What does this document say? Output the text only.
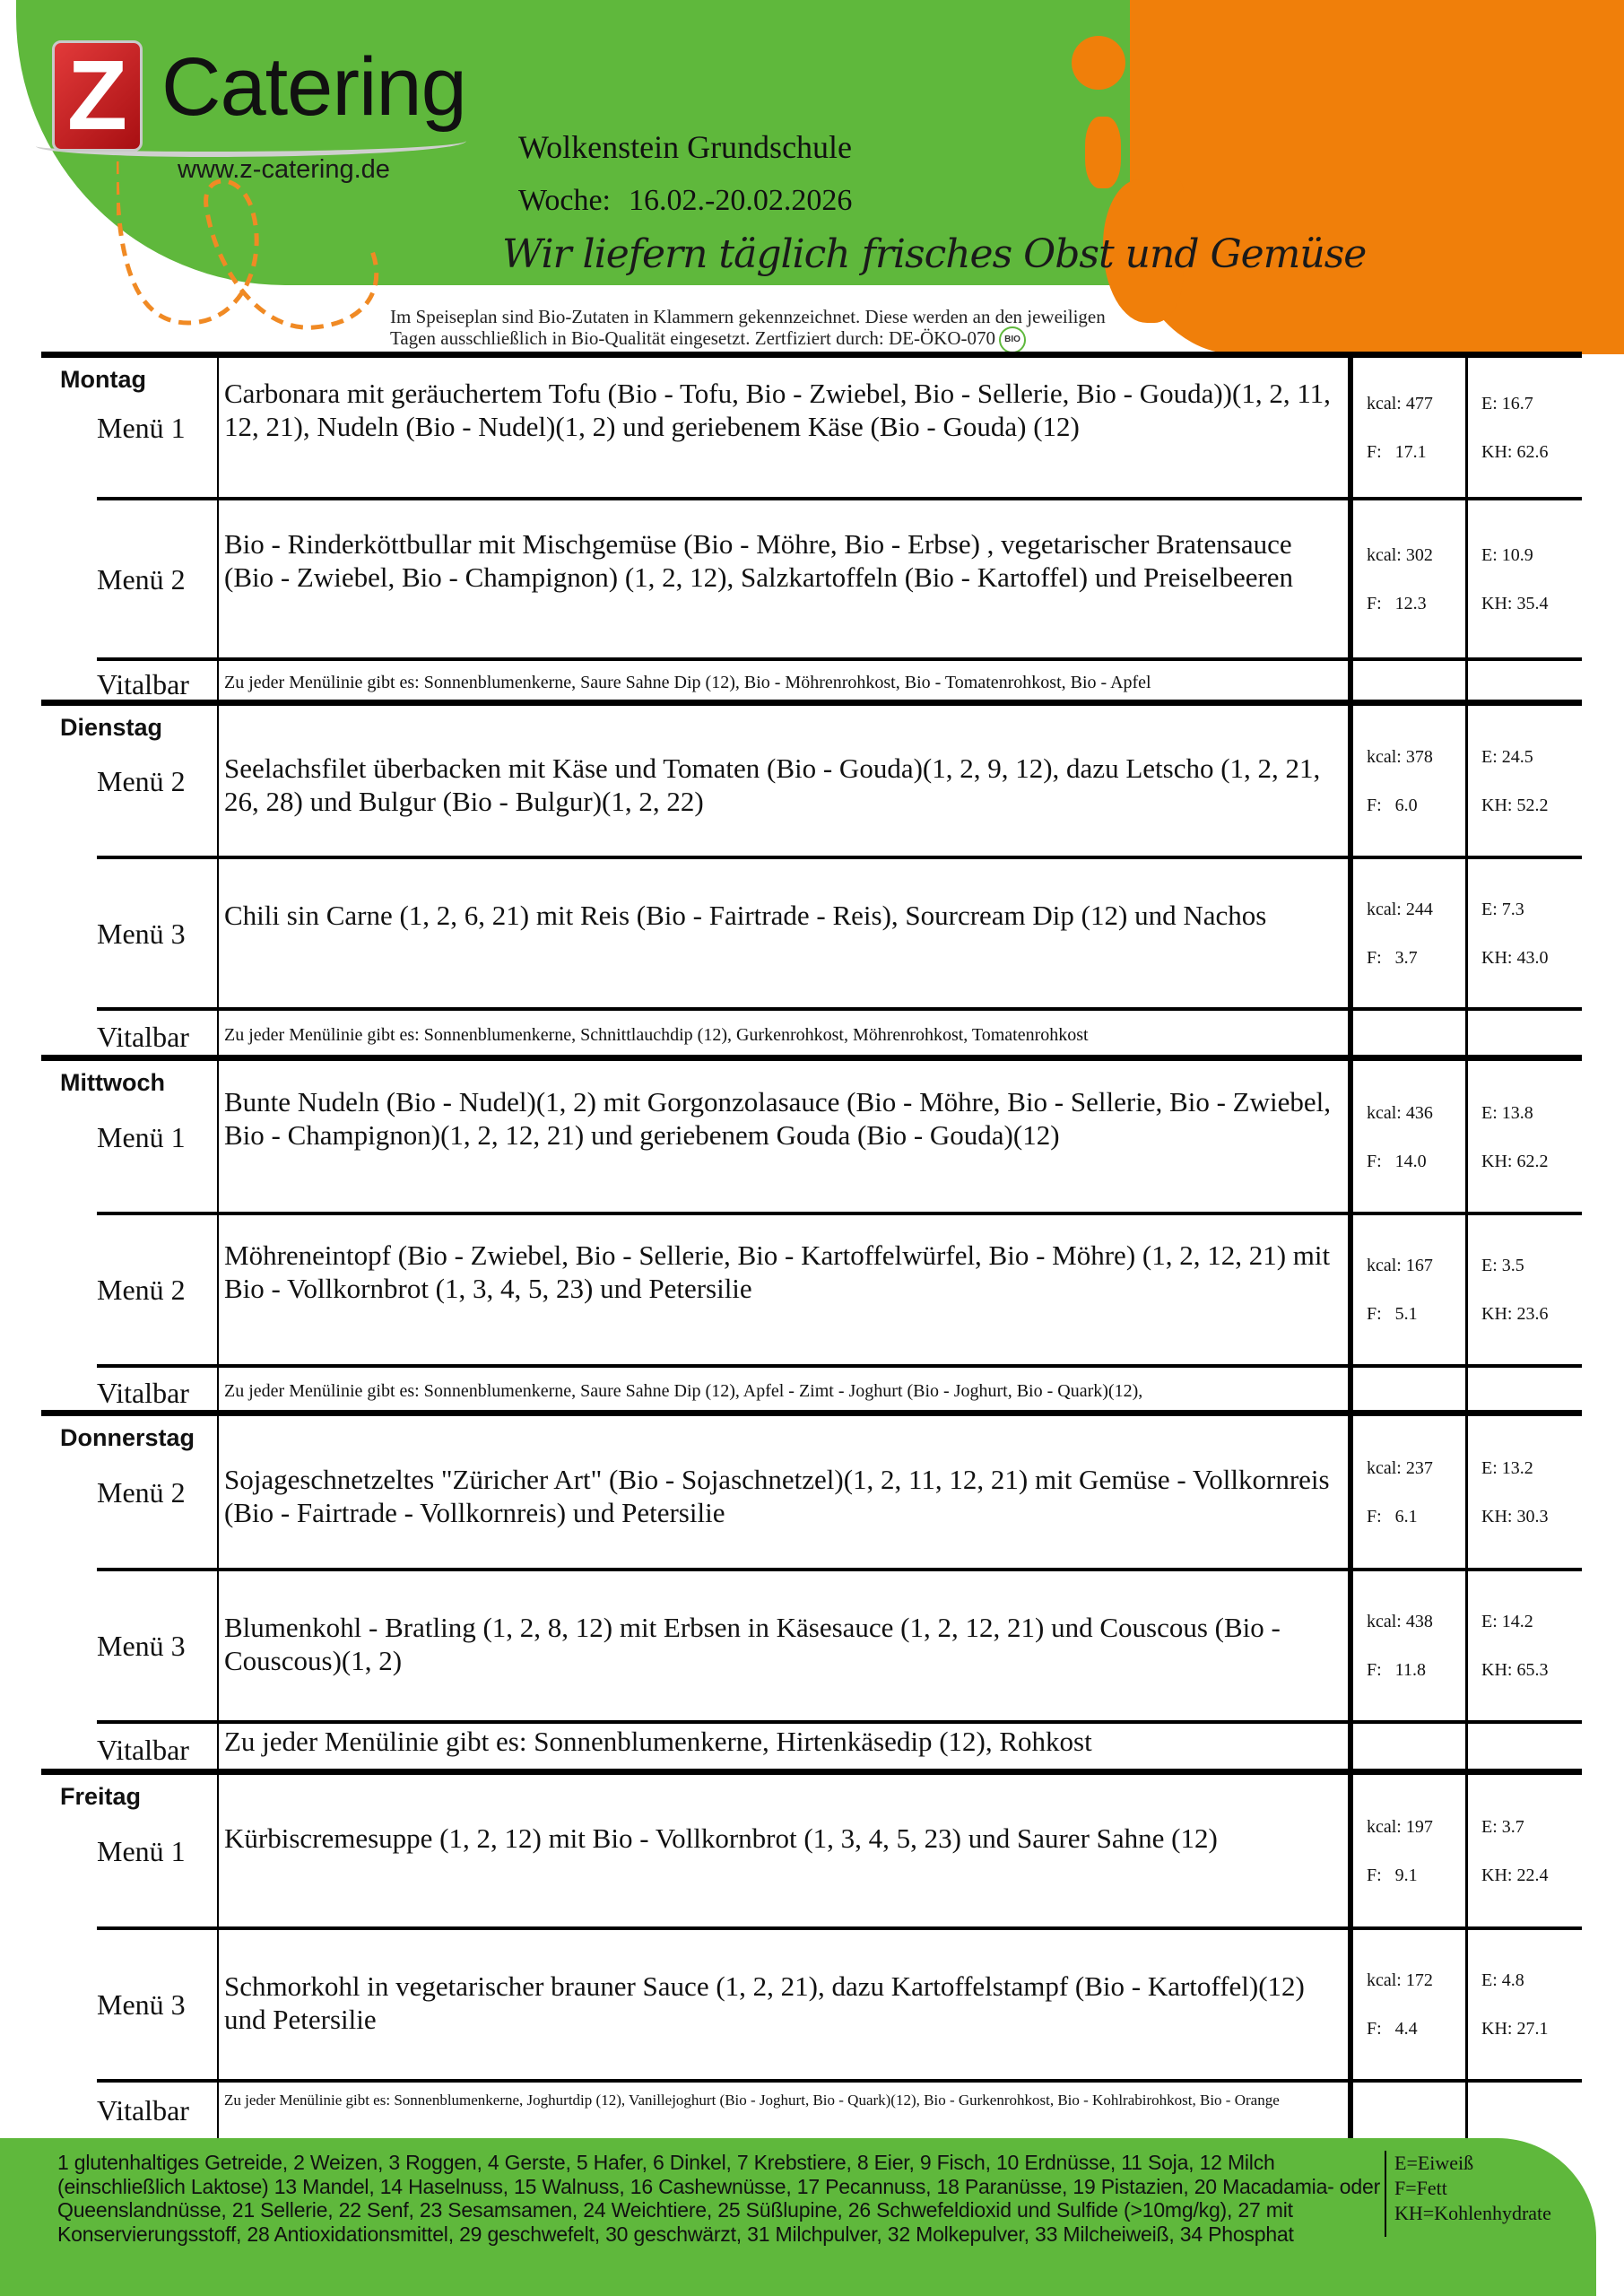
Z Catering
www.z-catering.de
Wolkenstein Grundschule
Woche: 16.02.-20.02.2026
Wir liefern täglich frisches Obst und Gemüse
Im Speiseplan sind Bio-Zutaten in Klammern gekennzeichnet. Diese werden an den jeweiligen
Tagen ausschließlich in Bio-Qualität eingesetzt. Zertfiziert durch: DE-ÖKO-070 BIO
Montag
Menü 1
Carbonara mit geräuchertem Tofu (Bio - Tofu, Bio - Zwiebel, Bio - Sellerie, Bio - Gouda))(1, 2, 11, 12, 21), Nudeln (Bio - Nudel)(1, 2) und geriebenem Käse (Bio - Gouda) (12)
kcal: 477
F:   17.1
E: 16.7
KH: 62.6
Menü 2
Bio - Rinderköttbullar mit Mischgemüse (Bio - Möhre, Bio - Erbse) , vegetarischer Bratensauce (Bio - Zwiebel, Bio - Champignon) (1, 2, 12), Salzkartoffeln (Bio - Kartoffel) und Preiselbeeren
kcal: 302
F:   12.3
E: 10.9
KH: 35.4
Vitalbar Zu jeder Menülinie gibt es: Sonnenblumenkerne, Saure Sahne Dip (12), Bio - Möhrenrohkost, Bio - Tomatenrohkost, Bio - Apfel
Dienstag
Menü 2 Seelachsfilet überbacken mit Käse und Tomaten (Bio - Gouda)(1, 2, 9, 12), dazu Letscho (1, 2, 21, 26, 28) und Bulgur (Bio - Bulgur)(1, 2, 22)
kcal: 378
F:   6.0
E: 24.5
KH: 52.2
Menü 3
Chili sin Carne (1, 2, 6, 21) mit Reis (Bio - Fairtrade - Reis), Sourcream Dip (12) und Nachos	kcal: 244
F:   3.7
E: 7.3
KH: 43.0
Vitalbar Zu jeder Menülinie gibt es: Sonnenblumenkerne, Schnittlauchdip (12), Gurkenrohkost, Möhrenrohkost, Tomatenrohkost
Mittwoch
Menü 1
Bunte Nudeln (Bio - Nudel)(1, 2) mit Gorgonzolasauce (Bio - Möhre, Bio - Sellerie, Bio - Zwiebel, Bio - Champignon)(1, 2, 12, 21) und geriebenem Gouda (Bio - Gouda)(12)
kcal: 436
F:   14.0
E: 13.8
KH: 62.2
Menü 2
Möhreneintopf (Bio - Zwiebel, Bio - Sellerie, Bio - Kartoffelwürfel, Bio - Möhre) (1, 2, 12, 21) mit Bio - Vollkornbrot (1, 3, 4, 5, 23) und Petersilie
kcal: 167
F:   5.1
E: 3.5
KH: 23.6
Vitalbar Zu jeder Menülinie gibt es: Sonnenblumenkerne, Saure Sahne Dip (12), Apfel - Zimt - Joghurt (Bio - Joghurt, Bio - Quark)(12),
Donnerstag
Menü 2 Sojageschnetzeltes "Züricher Art" (Bio - Sojaschnetzel)(1, 2, 11, 12, 21) mit Gemüse - Vollkornreis (Bio - Fairtrade - Vollkornreis) und Petersilie
kcal: 237
F:   6.1
E: 13.2
KH: 30.3
Menü 3
Blumenkohl - Bratling (1, 2, 8, 12) mit Erbsen in Käsesauce (1, 2, 12, 21) und Couscous (Bio - Couscous)(1, 2)
kcal: 438
F:   11.8
E: 14.2
KH: 65.3
Vitalbar Zu jeder Menülinie gibt es: Sonnenblumenkerne, Hirtenkäsedip (12), Rohkost
Freitag
Menü 1 Kürbiscremesuppe (1, 2, 12) mit Bio - Vollkornbrot (1, 3, 4, 5, 23) und Saurer Sahne (12)	kcal: 197
F:   9.1
E: 3.7
KH: 22.4
Menü 3
Schmorkohl in vegetarischer brauner Sauce (1, 2, 21), dazu Kartoffelstampf (Bio - Kartoffel)(12) und Petersilie
kcal: 172
F:   4.4
E: 4.8
KH: 27.1
Vitalbar Zu jeder Menülinie gibt es: Sonnenblumenkerne, Joghurtdip (12), Vanillejoghurt (Bio - Joghurt, Bio - Quark)(12), Bio - Gurkenrohkost, Bio - Kohlrabirohkost, Bio - Orange
1 glutenhaltiges Getreide, 2 Weizen, 3 Roggen, 4 Gerste, 5 Hafer, 6 Dinkel, 7 Krebstiere, 8 Eier, 9 Fisch, 10 Erdnüsse, 11 Soja, 12 Milch (einschließlich Laktose) 13 Mandel, 14 Haselnuss, 15 Walnuss, 16 Cashewnüsse, 17 Pecannuss, 18 Paranüsse, 19 Pistazien, 20 Macadamia- oder Queenslandnüsse, 21 Sellerie, 22 Senf, 23 Sesamsamen, 24 Weichtiere, 25 Süßlupine, 26 Schwefeldioxid und Sulfide (>10mg/kg), 27 mit Konservierungsstoff, 28 Antioxidationsmittel, 29 geschwefelt, 30 geschwärzt, 31 Milchpulver, 32 Molkepulver, 33 Milcheiweiß, 34 Phosphat
E=Eiweiß
F=Fett
KH=Kohlenhydrate
